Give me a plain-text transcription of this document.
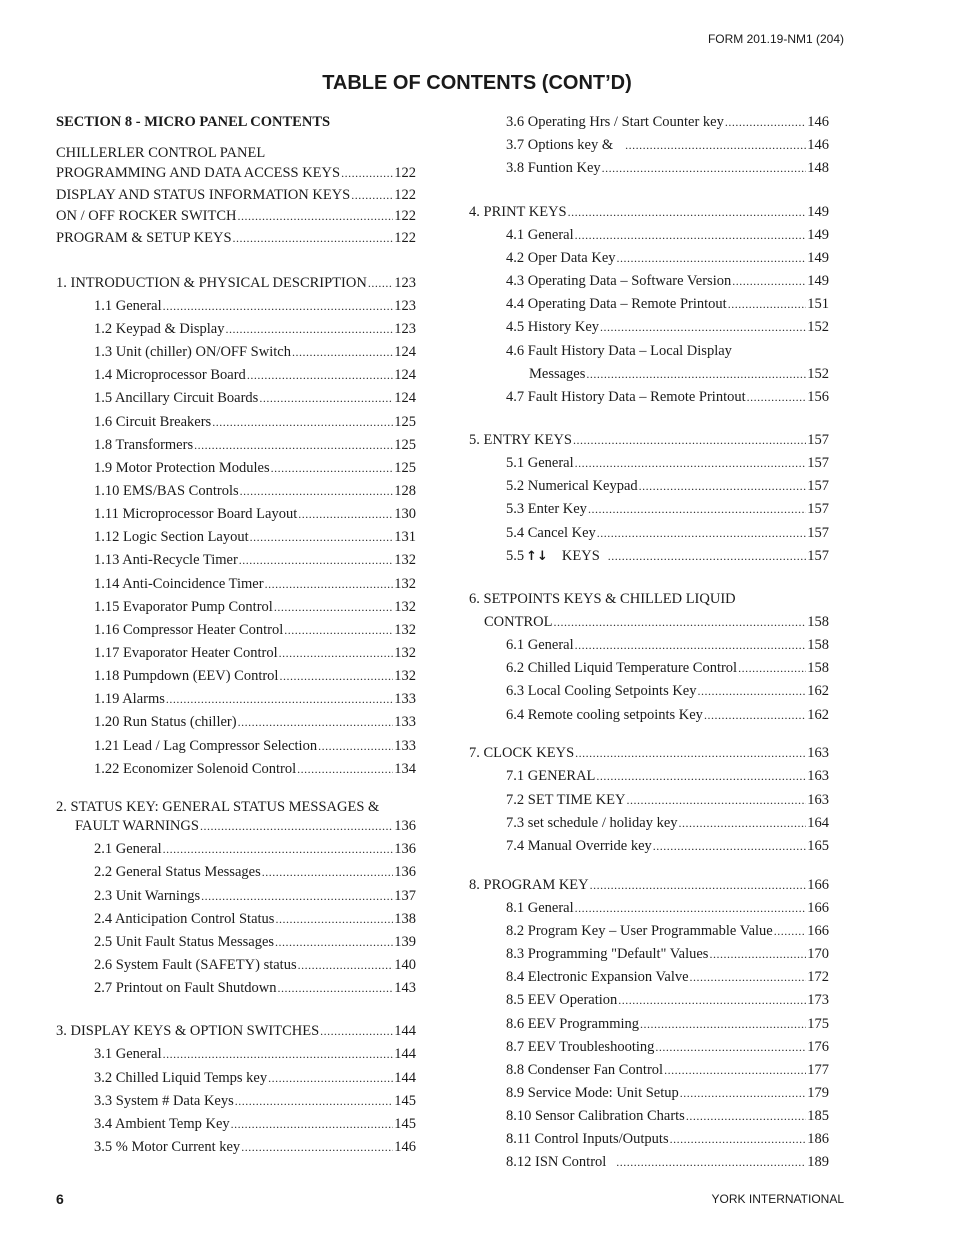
FORM 201.19-NM1 (204)
TABLE OF CONTENTS (CONT’D)
SECTION 8 - MICRO PANEL CONTENTS
CHILLERLER CONTROL PANEL
PROGRAMMING AND DATA ACCESS KEYS .....	122
DISPLAY AND STATUS INFORMATION KEYS .....	122
ON / OFF ROCKER SWITCH .....	122
PROGRAM & SETUP KEYS .....	122
1. INTRODUCTION & PHYSICAL DESCRIPTION ..... 123
1.1 General .....	123
1.2 Keypad & Display .....	123
1.3 Unit (chiller) ON/OFF Switch .....	124
1.4 Microprocessor Board .....	124
1.5 Ancillary Circuit Boards .....	124
1.6 Circuit Breakers .....	125
1.8 Transformers .....	125
1.9 Motor Protection Modules .....	125
1.10 EMS/BAS Controls .....	128
1.11 Microprocessor Board Layout .....	130
1.12 Logic Section Layout .....	131
1.13 Anti-Recycle Timer .....	132
1.14 Anti-Coincidence Timer .....	132
1.15 Evaporator Pump Control .....	132
1.16 Compressor Heater Control .....	132
1.17 Evaporator Heater Control .....	132
1.18 Pumpdown (EEV) Control .....	132
1.19 Alarms .....	133
1.20 Run Status (chiller) .....	133
1.21 Lead / Lag Compressor Selection .....	133
1.22 Economizer Solenoid Control .....	134
2. STATUS KEY: GENERAL STATUS MESSAGES &
FAULT WARNINGS .....	136
2.1 General .....	136
2.2 General Status Messages .....	136
2.3 Unit Warnings .....	137
2.4 Anticipation Control Status .....	138
2.5 Unit Fault Status Messages .....	139
2.6 System Fault (SAFETY) status .....	140
2.7 Printout on Fault Shutdown .....	143
3. DISPLAY KEYS & OPTION SWITCHES .....	144
3.1 General .....	144
3.2 Chilled Liquid Temps key .....	144
3.3 System # Data Keys .....	145
3.4 Ambient Temp Key .....	145
3.5 % Motor Current key .....	146
3.6 Operating Hrs / Start Counter key .....	146
3.7 Options key & .....	146
3.8 Funtion Key .....	148
4. PRINT KEYS .....	149
4.1 General .....	149
4.2 Oper Data Key .....	149
4.3 Operating Data – Software Version .....	149
4.4 Operating Data – Remote Printout .....	151
4.5 History Key .....	152
4.6 Fault History Data – Local Display
Messages .....	152
4.7 Fault History Data – Remote Printout .....	156
5. ENTRY KEYS .....	157
5.1 General .....	157
5.2 Numerical Keypad .....	157
5.3 Enter Key .....	157
5.4 Cancel Key .....	157
5.5 ↑↓ KEYS .....	157
6. SETPOINTS KEYS & CHILLED LIQUID
CONTROL .....	158
6.1 General .....	158
6.2 Chilled Liquid Temperature Control .....	158
6.3 Local Cooling Setpoints Key .....	162
6.4 Remote cooling setpoints Key .....	162
7. CLOCK KEYS .....	163
7.1 GENERAL .....	163
7.2 SET TIME KEY .....	163
7.3 set schedule / holiday key .....	164
7.4 Manual Override key .....	165
8. PROGRAM KEY .....	166
8.1 General .....	166
8.2 Program Key – User Programmable Value ..... 166
8.3 Programming "Default" Values .....	170
8.4 Electronic Expansion Valve .....	172
8.5 EEV Operation .....	173
8.6 EEV Programming .....	175
8.7 EEV Troubleshooting .....	176
8.8 Condenser Fan Control .....	177
8.9 Service Mode: Unit Setup .....	179
8.10 Sensor Calibration Charts .....	185
8.11 Control Inputs/Outputs .....	186
8.12 ISN Control .....	189
6	YORK INTERNATIONAL
